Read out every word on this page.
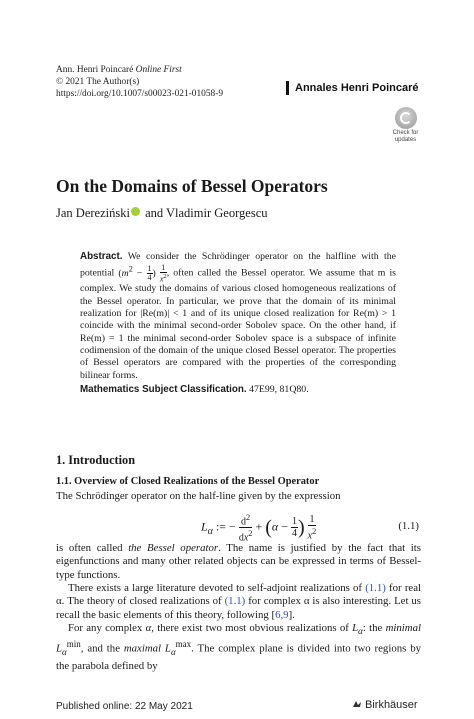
Ann. Henri Poincaré Online First
© 2021 The Author(s)
https://doi.org/10.1007/s00023-021-01058-9	Annales Henri Poincaré
Check for
updates
On the Domains of Bessel Operators
Jan Dereziński and Vladimir Georgescu

Abstract. We consider the Schrödinger operator on the halfline with the potential ($m^2 - \frac{1}{4}$ ) $\frac{1}{x^2}$ , often called the Bessel operator. We assume that m is complex. We study the domains of various closed homogeneous realizations of the Bessel operator. In particular, we prove that the domain of its minimal realization for |Re(m)| < 1 and of its unique closed realization for Re(m) > 1 coincide with the minimal second-order Sobolev space. On the other hand, if Re(m) = 1 the minimal second-order Sobolev space is a subspace of infinite codimension of the domain of the unique closed Bessel operator. The properties of Bessel operators are compared with the properties of the corresponding bilinear forms.

Mathematics Subject Classification. 47E99, 81Q80.
1. Introduction
1.1. Overview of Closed Realizations of the Bessel Operator
The Schrödinger operator on the half-line given by the expression
$L_\alpha$ := − $\frac{d^2}{dx^2} + (\alpha - \frac{1}{4}$ ) $\frac{1}{x^2}$	(1.1)
is often called the Bessel operator. The name is justified by the fact that its eigenfunctions and many other related objects can be expressed in terms of Bessel-type functions.
There exists a large literature devoted to self-adjoint realizations of (1.1) for real α. The theory of closed realizations of (1.1) for complex α is also interesting. Let us recall the basic elements of this theory, following [6,9].
For any complex α, there exist two most obvious realizations of $L_\alpha$: the minimal $L_\alpha^{min}$, and the maximal $L_\alpha^{max}$. The complex plane is divided into two regions by the parabola defined by
Published online: 22 May 2021	Birkhäuser
